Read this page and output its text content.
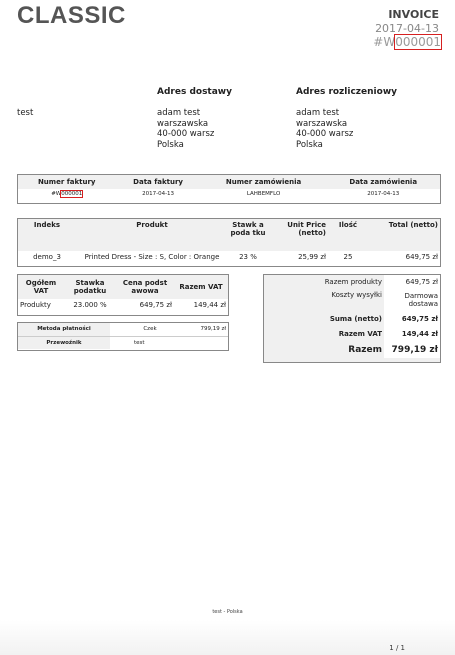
CLASSIC	INVOICE
2017-04-13
#W000001
test
Adres dostawy
adam test
warszawska
40-000 warsz
Polska
Adres rozliczeniowy
adam test
warszawska
40-000 warsz
Polska
Numer faktury	Data faktury	Numer zamówienia	Data zamówienia
#W000001	2017-04-13	LAHBEMFLO	2017-04-13
Indeks	Produkt	Stawk a poda tku	Unit Price (netto)	Ilość	Total (netto)
demo_3	Printed Dress - Size : S, Color : Orange	23 %	25,99 zł	25	649,75 zł
Ogółem VAT	Stawka podatku	Cena podst awowa	Razem VAT
Produkty	23.000 %	649,75 zł	149,44 zł
Metoda płatności	Czek	799,19 zł
Przewoźnik	test	
Razem produkty	649,75 zł
Koszty wysyłki	Darmowa dostawa
Suma (netto)	649,75 zł
Razem VAT	149,44 zł
Razem	799,19 zł
test - Polska
1 / 1
